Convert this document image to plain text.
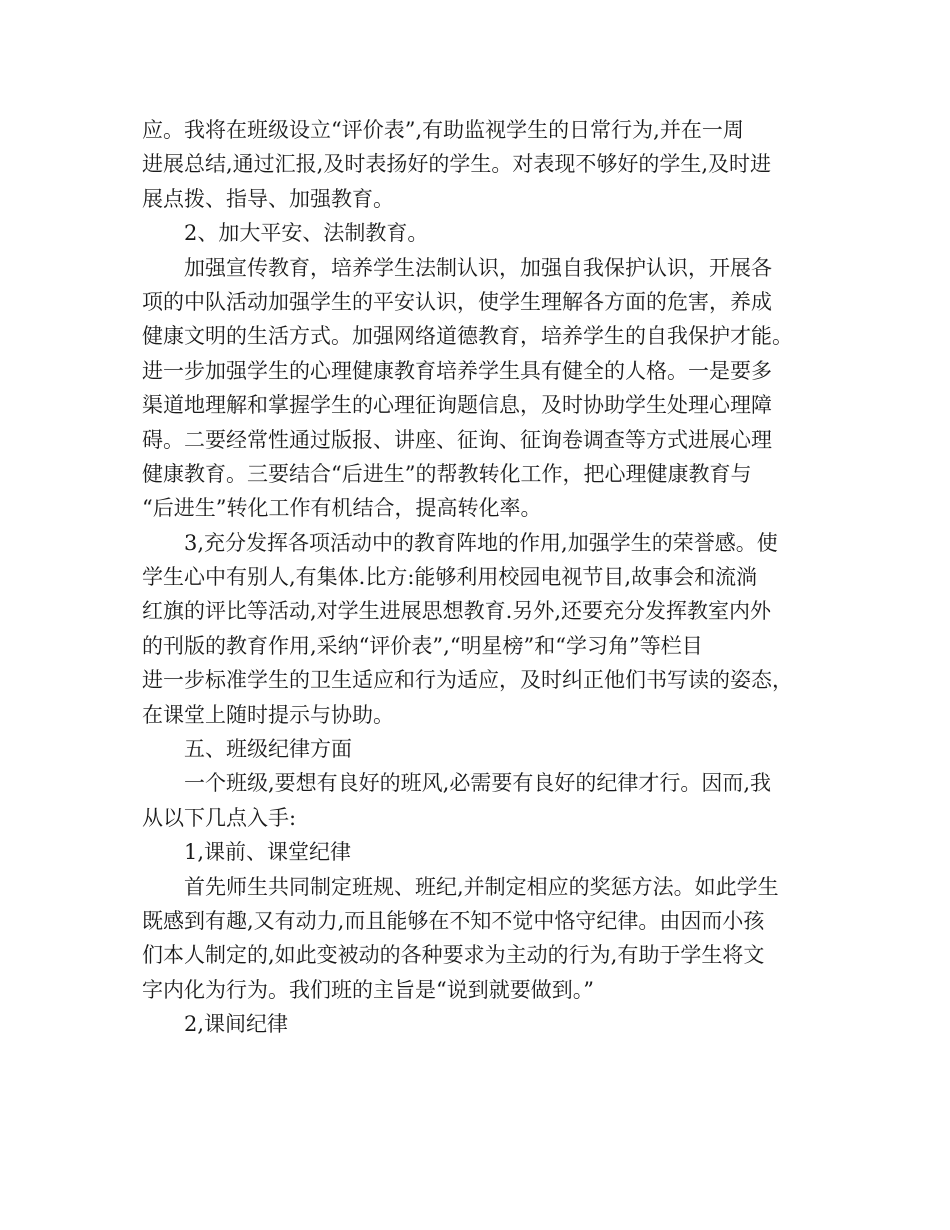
应。我将在班级设立“评价表”,有助监视学生的日常行为,并在一周
进展总结,通过汇报,及时表扬好的学生。对表现不够好的学生,及时进
展点拨、指导、加强教育。
2、加大平安、法制教育。
加强宣传教育，培养学生法制认识，加强自我保护认识，开展各
项的中队活动加强学生的平安认识，使学生理解各方面的危害，养成
健康文明的生活方式。加强网络道德教育，培养学生的自我保护才能。
进一步加强学生的心理健康教育培养学生具有健全的人格。一是要多
渠道地理解和掌握学生的心理征询题信息，及时协助学生处理心理障
碍。二要经常性通过版报、讲座、征询、征询卷调查等方式进展心理
健康教育。三要结合“后进生”的帮教转化工作，把心理健康教育与
“后进生”转化工作有机结合，提高转化率。
3,充分发挥各项活动中的教育阵地的作用,加强学生的荣誉感。使
学生心中有别人,有集体.比方:能够利用校园电视节目,故事会和流淌
红旗的评比等活动,对学生进展思想教育.另外,还要充分发挥教室内外
的刊版的教育作用,采纳“评价表”,“明星榜”和“学习角”等栏目
进一步标准学生的卫生适应和行为适应，及时纠正他们书写读的姿态，
在课堂上随时提示与协助。
五、班级纪律方面
一个班级,要想有良好的班风,必需要有良好的纪律才行。因而,我
从以下几点入手:
1,课前、课堂纪律
首先师生共同制定班规、班纪,并制定相应的奖惩方法。如此学生
既感到有趣,又有动力,而且能够在不知不觉中恪守纪律。由因而小孩
们本人制定的,如此变被动的各种要求为主动的行为,有助于学生将文
字内化为行为。我们班的主旨是“说到就要做到。”
2,课间纪律
